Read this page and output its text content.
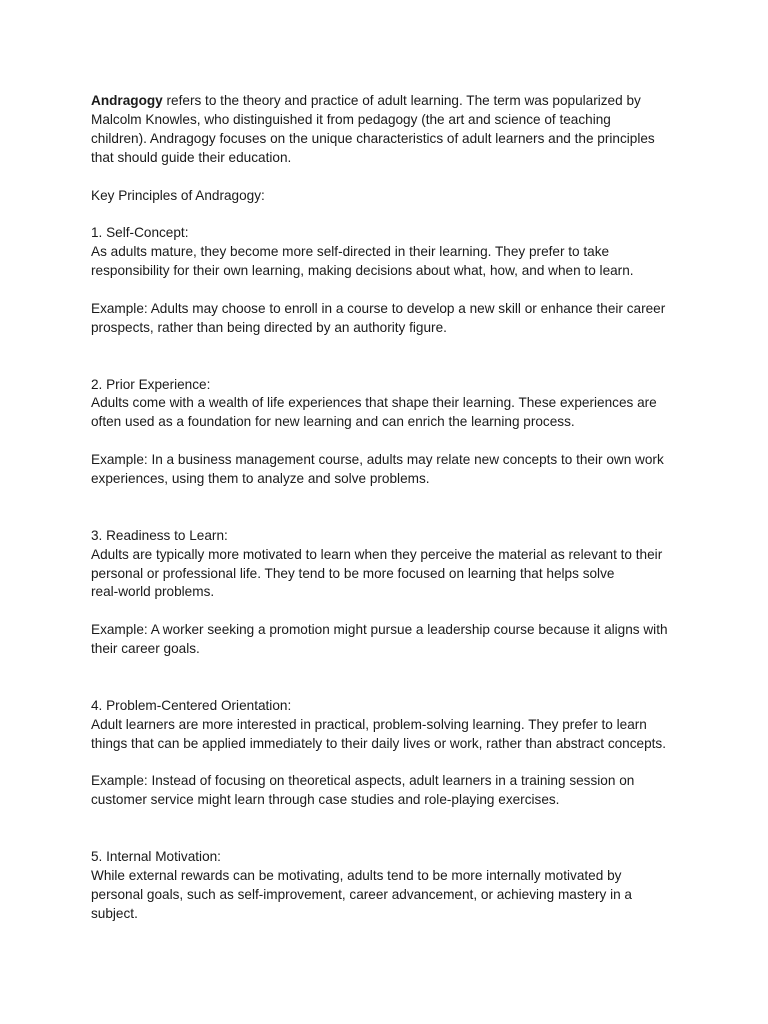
Andragogy refers to the theory and practice of adult learning. The term was popularized by
Malcolm Knowles, who distinguished it from pedagogy (the art and science of teaching
children). Andragogy focuses on the unique characteristics of adult learners and the principles
that should guide their education.

Key Principles of Andragogy:

1. Self-Concept:
As adults mature, they become more self-directed in their learning. They prefer to take
responsibility for their own learning, making decisions about what, how, and when to learn.

Example: Adults may choose to enroll in a course to develop a new skill or enhance their career
prospects, rather than being directed by an authority figure.

2. Prior Experience:
Adults come with a wealth of life experiences that shape their learning. These experiences are
often used as a foundation for new learning and can enrich the learning process.

Example: In a business management course, adults may relate new concepts to their own work
experiences, using them to analyze and solve problems.

3. Readiness to Learn:
Adults are typically more motivated to learn when they perceive the material as relevant to their
personal or professional life. They tend to be more focused on learning that helps solve
real-world problems.

Example: A worker seeking a promotion might pursue a leadership course because it aligns with
their career goals.

4. Problem-Centered Orientation:
Adult learners are more interested in practical, problem-solving learning. They prefer to learn
things that can be applied immediately to their daily lives or work, rather than abstract concepts.

Example: Instead of focusing on theoretical aspects, adult learners in a training session on
customer service might learn through case studies and role-playing exercises.

5. Internal Motivation:
While external rewards can be motivating, adults tend to be more internally motivated by
personal goals, such as self-improvement, career advancement, or achieving mastery in a
subject.
